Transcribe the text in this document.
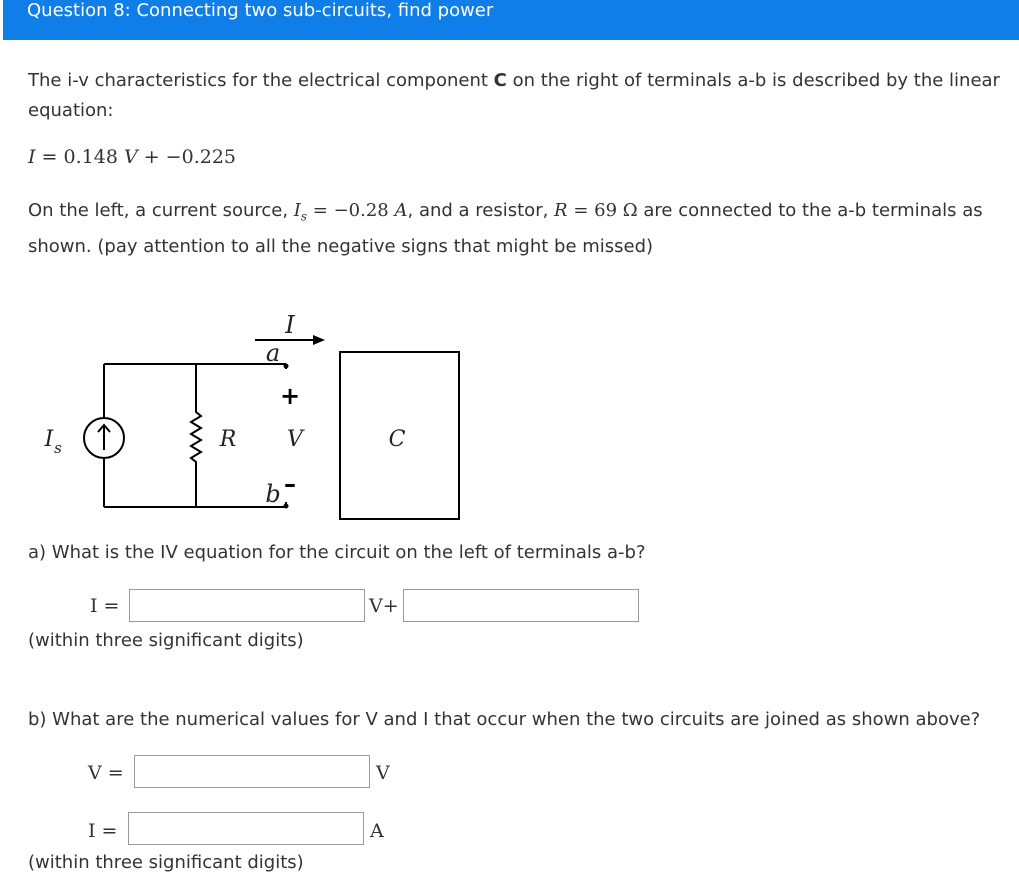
Question 8: Connecting two sub-circuits, find power
The i-v characteristics for the electrical component C on the right of terminals a-b is described by the linear
equation:
I = 0.148 V + −0.225
On the left, a current source, $I_s = -0.28$ A, and a resistor, R = 69 Ω are connected to the a-b terminals as
shown. (pay attention to all the negative signs that might be missed)
I
a
b
V
R	C
I s
+
–
a) What is the IV equation for the circuit on the left of terminals a-b?
I =	V+
(within three significant digits)
b) What are the numerical values for V and I that occur when the two circuits are joined as shown above?
V =	V
I =	A
(within three significant digits)
